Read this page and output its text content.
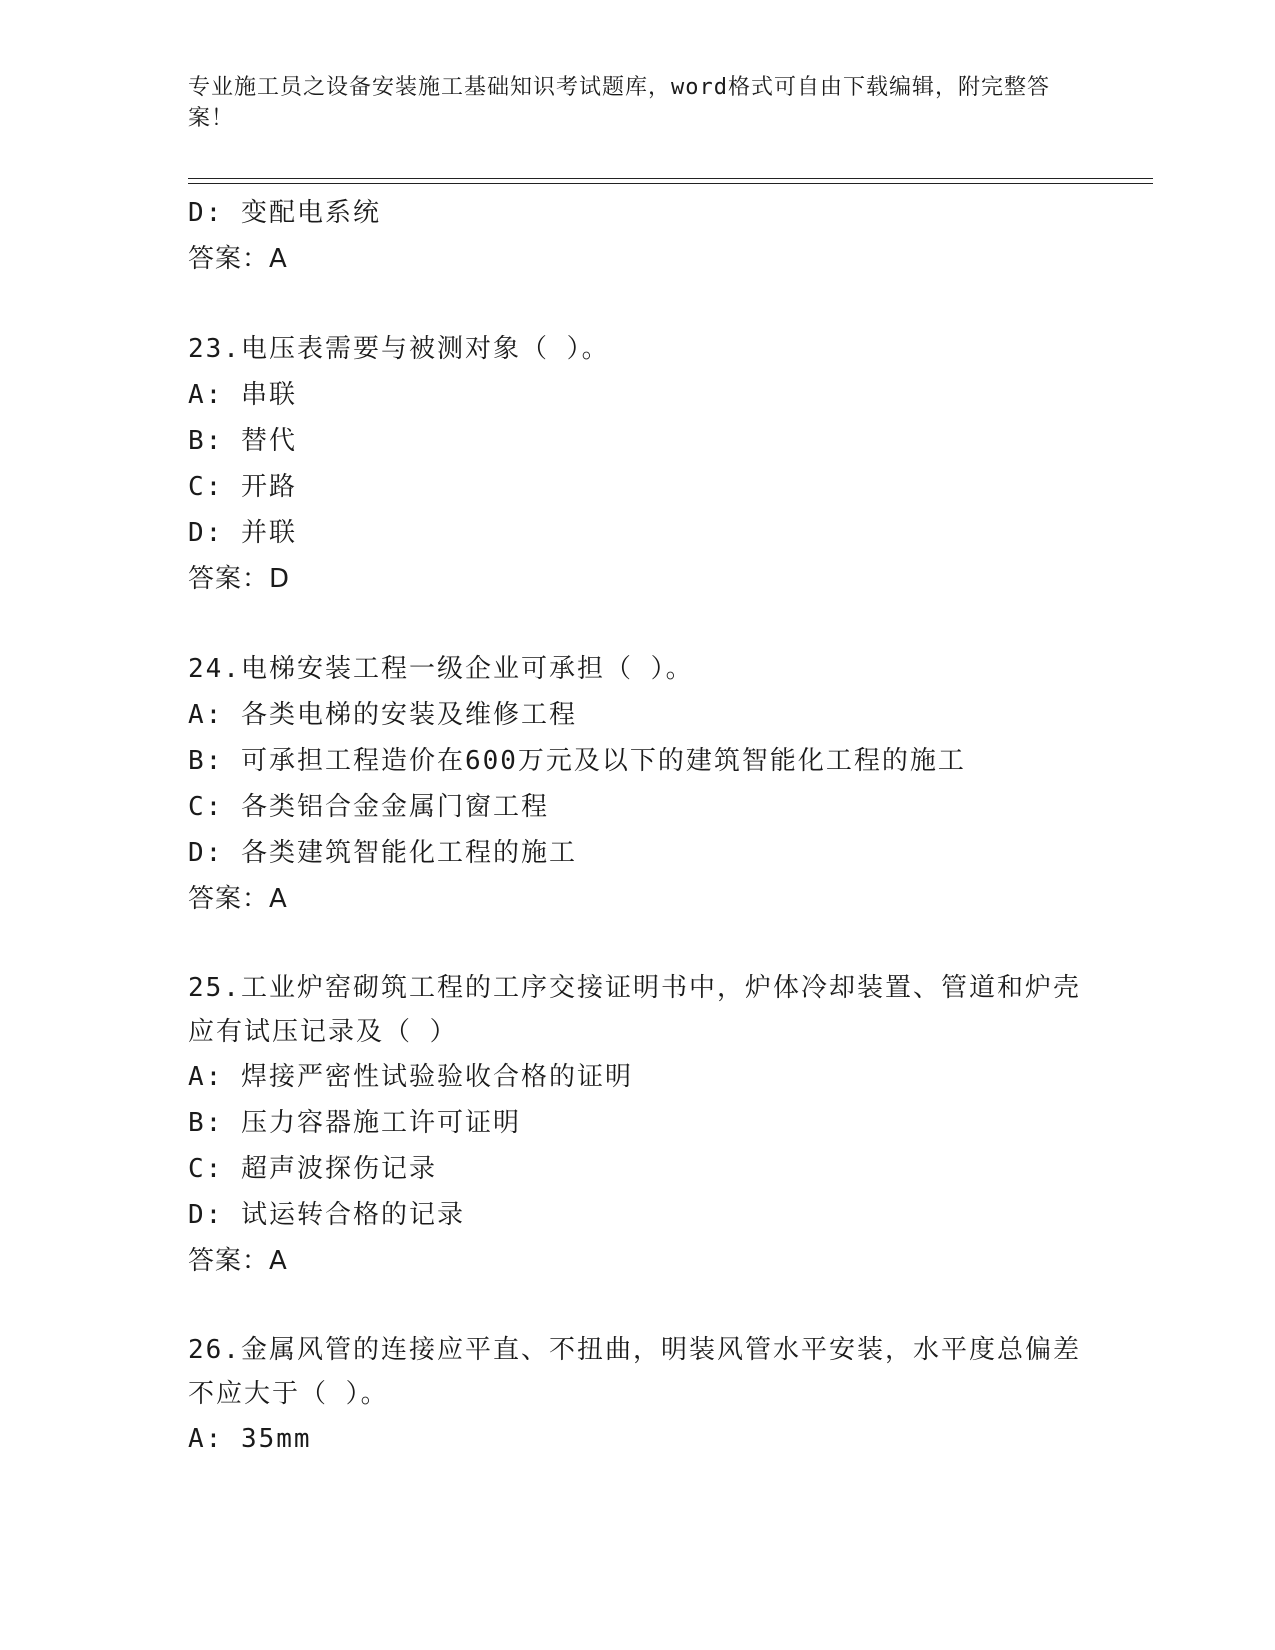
专业施工员之设备安装施工基础知识考试题库，word格式可自由下载编辑，附完整答案！
D: 变配电系统
答案：A
23.电压表需要与被测对象（ ）。
A: 串联
B: 替代
C: 开路
D: 并联
答案：D
24.电梯安装工程一级企业可承担（ ）。
A: 各类电梯的安装及维修工程
B: 可承担工程造价在600万元及以下的建筑智能化工程的施工
C: 各类铝合金金属门窗工程
D: 各类建筑智能化工程的施工
答案：A
25.工业炉窑砌筑工程的工序交接证明书中，炉体冷却装置、管道和炉壳应有试压记录及（ ）
A: 焊接严密性试验验收合格的证明
B: 压力容器施工许可证明
C: 超声波探伤记录
D: 试运转合格的记录
答案：A
26.金属风管的连接应平直、不扭曲，明装风管水平安装，水平度总偏差不应大于（ ）。
A: 35mm
